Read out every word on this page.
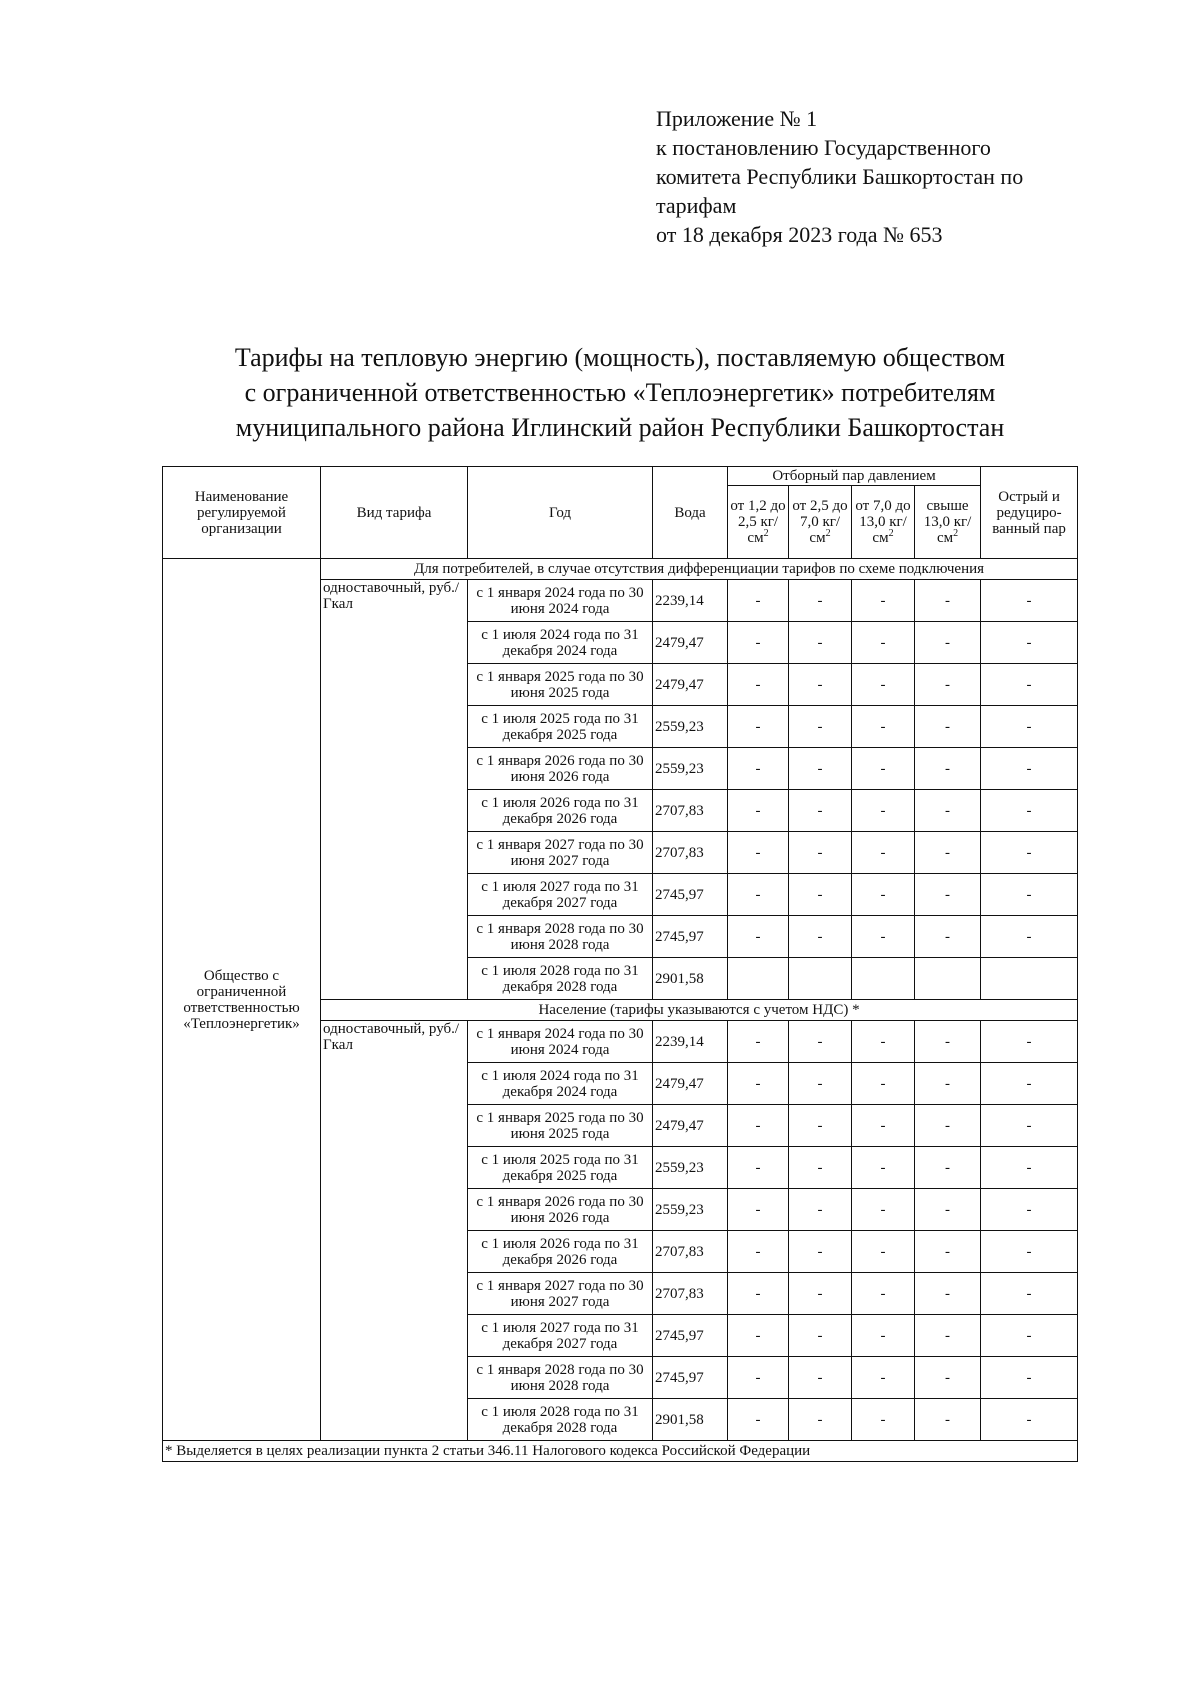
Приложение № 1
к постановлению Государственного
комитета Республики Башкортостан по
тарифам
от 18 декабря 2023 года № 653
Тарифы на тепловую энергию (мощность), поставляемую обществом
с ограниченной ответственностью «Теплоэнергетик» потребителям
муниципального района Иглинский район Республики Башкортостан
Наименование регулируемой организации	Вид тарифа	Год	Вода	Отборный пар давлением				Острый и редуциро-ванный пар
				от 1,2 до 2,5 $кг/см^2$	от 2,5 до 7,0 $кг/см^2$	от 7,0 до 13,0 $кг/см^2$	свыше 13,0 $кг/см^2$
Общество с ограниченной ответственностью «Теплоэнергетик»	Для потребителей, в случае отсутствия дифференциации тарифов по схеме подключения							
	одноставочный, руб./Гкал	с 1 января 2024 года по 30 июня 2024 года	2239,14	-	-	-	-	-
		с 1 июля 2024 года по 31 декабря 2024 года	2479,47	-	-	-	-	-
		с 1 января 2025 года по 30 июня 2025 года	2479,47	-	-	-	-	-
		с 1 июля 2025 года по 31 декабря 2025 года	2559,23	-	-	-	-	-
		с 1 января 2026 года по 30 июня 2026 года	2559,23	-	-	-	-	-
		с 1 июля 2026 года по 31 декабря 2026 года	2707,83	-	-	-	-	-
		с 1 января 2027 года по 30 июня 2027 года	2707,83	-	-	-	-	-
		с 1 июля 2027 года по 31 декабря 2027 года	2745,97	-	-	-	-	-
		с 1 января 2028 года по 30 июня 2028 года	2745,97	-	-	-	-	-
		с 1 июля 2028 года по 31 декабря 2028 года	2901,58					
	Население (тарифы указываются с учетом НДС) *							
	одноставочный, руб./Гкал	с 1 января 2024 года по 30 июня 2024 года	2239,14	-	-	-	-	-
		с 1 июля 2024 года по 31 декабря 2024 года	2479,47	-	-	-	-	-
		с 1 января 2025 года по 30 июня 2025 года	2479,47	-	-	-	-	-
		с 1 июля 2025 года по 31 декабря 2025 года	2559,23	-	-	-	-	-
		с 1 января 2026 года по 30 июня 2026 года	2559,23	-	-	-	-	-
		с 1 июля 2026 года по 31 декабря 2026 года	2707,83	-	-	-	-	-
		с 1 января 2027 года по 30 июня 2027 года	2707,83	-	-	-	-	-
		с 1 июля 2027 года по 31 декабря 2027 года	2745,97	-	-	-	-	-
		с 1 января 2028 года по 30 июня 2028 года	2745,97	-	-	-	-	-
		с 1 июля 2028 года по 31 декабря 2028 года	2901,58	-	-	-	-	-
* Выделяется в целях реализации пункта 2 статьи 346.11 Налогового кодекса Российской Федерации								
